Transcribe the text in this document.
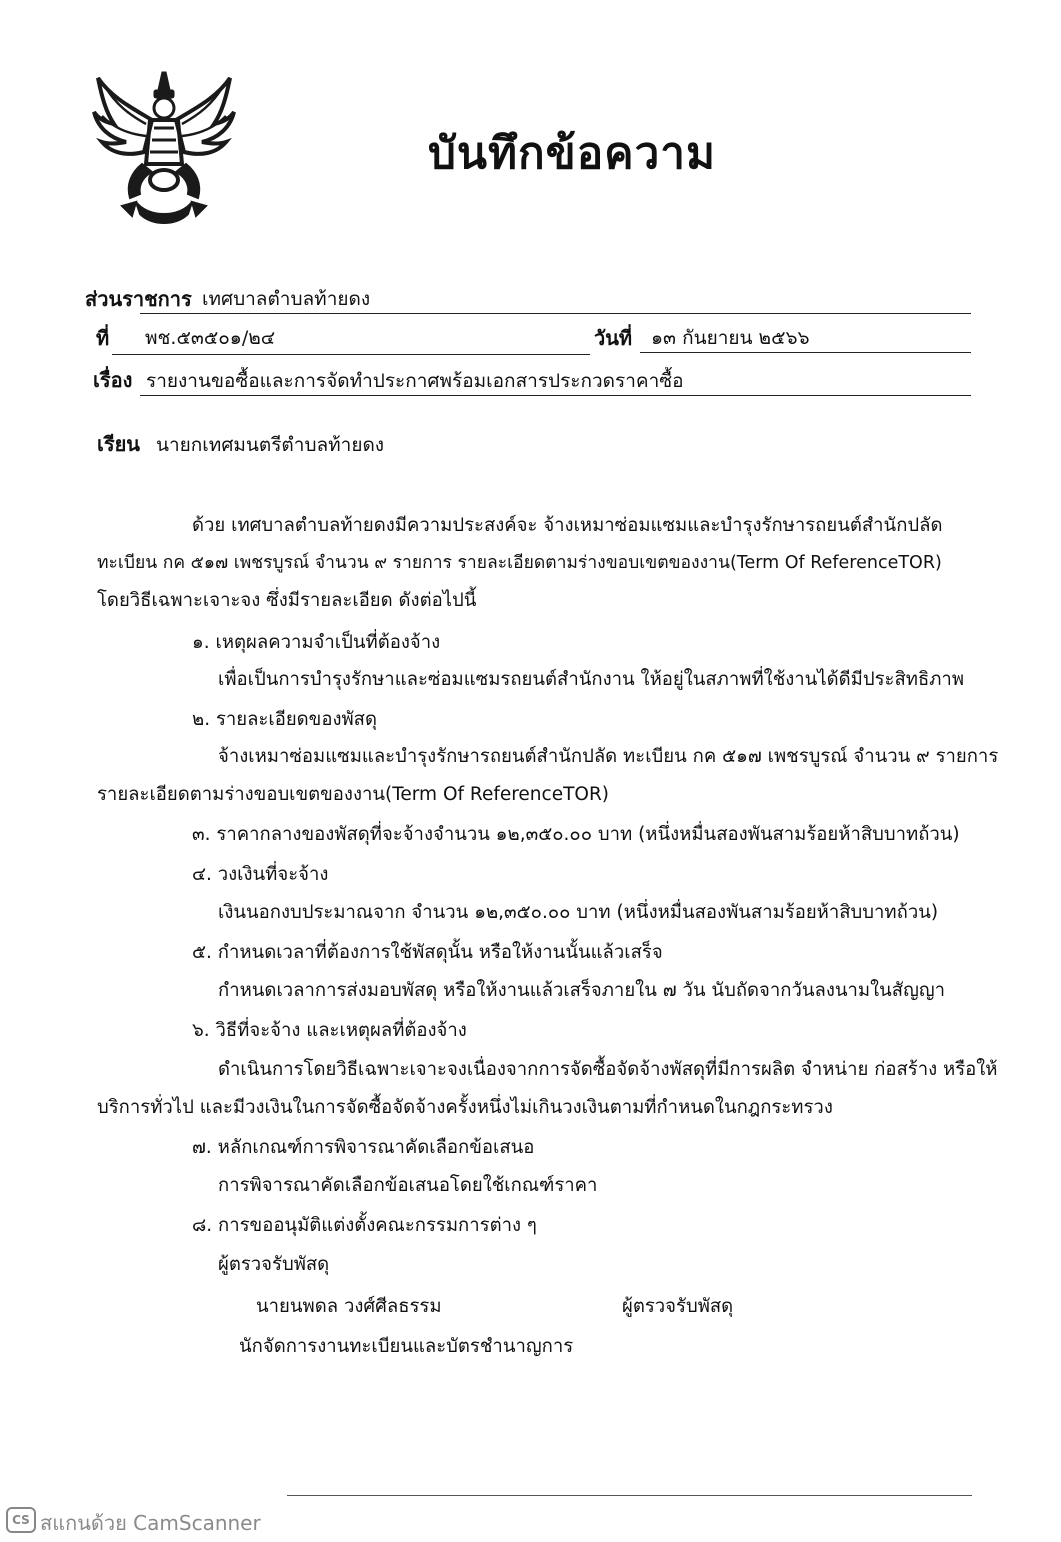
บันทึกข้อความ
ส่วนราชการ เทศบาลตำบลท้ายดง
ที่ พช.๕๓๕๐๑/๒๔	วันที่ ๑๓ กันยายน ๒๕๖๖
เรื่อง รายงานขอซื้อและการจัดทำประกาศพร้อมเอกสารประกวดราคาซื้อ
เรียน นายกเทศมนตรีตำบลท้ายดง
ด้วย เทศบาลตำบลท้ายดงมีความประสงค์จะ จ้างเหมาซ่อมแซมและบำรุงรักษารถยนต์สำนักปลัด
ทะเบียน กค ๕๑๗ เพชรบูรณ์ จำนวน ๙ รายการ รายละเอียดตามร่างขอบเขตของงาน(Term Of ReferenceTOR)
โดยวิธีเฉพาะเจาะจง ซึ่งมีรายละเอียด ดังต่อไปนี้
๑. เหตุผลความจำเป็นที่ต้องจ้าง
เพื่อเป็นการบำรุงรักษาและซ่อมแซมรถยนต์สำนักงาน ให้อยู่ในสภาพที่ใช้งานได้ดีมีประสิทธิภาพ
๒. รายละเอียดของพัสดุ
จ้างเหมาซ่อมแซมและบำรุงรักษารถยนต์สำนักปลัด ทะเบียน กค ๕๑๗ เพชรบูรณ์ จำนวน ๙ รายการ
รายละเอียดตามร่างขอบเขตของงาน(Term Of ReferenceTOR)
๓. ราคากลางของพัสดุที่จะจ้างจำนวน ๑๒,๓๕๐.๐๐ บาท (หนึ่งหมื่นสองพันสามร้อยห้าสิบบาทถ้วน)
๔. วงเงินที่จะจ้าง
เงินนอกงบประมาณจาก จำนวน ๑๒,๓๕๐.๐๐ บาท (หนึ่งหมื่นสองพันสามร้อยห้าสิบบาทถ้วน)
๕. กำหนดเวลาที่ต้องการใช้พัสดุนั้น หรือให้งานนั้นแล้วเสร็จ
กำหนดเวลาการส่งมอบพัสดุ หรือให้งานแล้วเสร็จภายใน ๗ วัน นับถัดจากวันลงนามในสัญญา
๖. วิธีที่จะจ้าง และเหตุผลที่ต้องจ้าง
ดำเนินการโดยวิธีเฉพาะเจาะจงเนื่องจากการจัดซื้อจัดจ้างพัสดุที่มีการผลิต จำหน่าย ก่อสร้าง หรือให้
บริการทั่วไป และมีวงเงินในการจัดซื้อจัดจ้างครั้งหนึ่งไม่เกินวงเงินตามที่กำหนดในกฎกระทรวง
๗. หลักเกณฑ์การพิจารณาคัดเลือกข้อเสนอ
การพิจารณาคัดเลือกข้อเสนอโดยใช้เกณฑ์ราคา
๘. การขออนุมัติแต่งตั้งคณะกรรมการต่าง ๆ
ผู้ตรวจรับพัสดุ
นายนพดล วงศ์ศีลธรรม	ผู้ตรวจรับพัสดุ
นักจัดการงานทะเบียนและบัตรชำนาญการ
CS สแกนด้วย CamScanner
